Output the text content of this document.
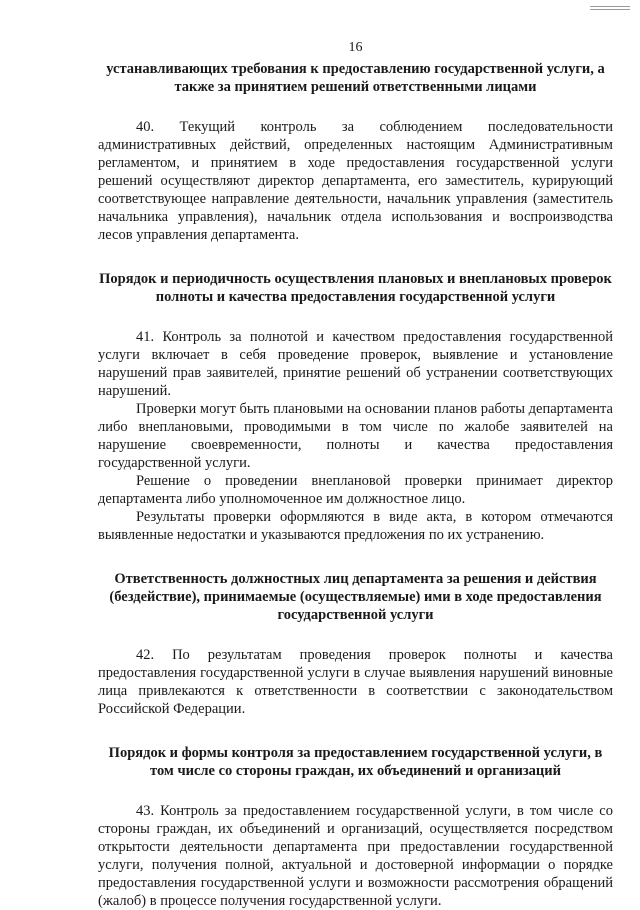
16

устанавливающих требования к предоставлению государственной услуги, а также за принятием решений ответственными лицами

40. Текущий контроль за соблюдением последовательности административных действий, определенных настоящим Административным регламентом, и принятием в ходе предоставления государственной услуги решений осуществляют директор департамента, его заместитель, курирующий соответствующее направление деятельности, начальник управления (заместитель начальника управления), начальник отдела использования и воспроизводства лесов управления департамента.

Порядок и периодичность осуществления плановых и внеплановых проверок полноты и качества предоставления государственной услуги

41. Контроль за полнотой и качеством предоставления государственной услуги включает в себя проведение проверок, выявление и установление нарушений прав заявителей, принятие решений об устранении соответствующих нарушений.

Проверки могут быть плановыми на основании планов работы департамента либо внеплановыми, проводимыми в том числе по жалобе заявителей на нарушение своевременности, полноты и качества предоставления государственной услуги.

Решение о проведении внеплановой проверки принимает директор департамента либо уполномоченное им должностное лицо.

Результаты проверки оформляются в виде акта, в котором отмечаются выявленные недостатки и указываются предложения по их устранению.

Ответственность должностных лиц департамента за решения и действия (бездействие), принимаемые (осуществляемые) ими в ходе предоставления государственной услуги

42. По результатам проведения проверок полноты и качества предоставления государственной услуги в случае выявления нарушений виновные лица привлекаются к ответственности в соответствии с законодательством Российской Федерации.

Порядок и формы контроля за предоставлением государственной услуги, в том числе со стороны граждан, их объединений и организаций

43. Контроль за предоставлением государственной услуги, в том числе со стороны граждан, их объединений и организаций, осуществляется посредством открытости деятельности департамента при предоставлении государственной услуги, получения полной, актуальной и достоверной информации о порядке предоставления государственной услуги и возможности рассмотрения обращений (жалоб) в процессе получения государственной услуги.
